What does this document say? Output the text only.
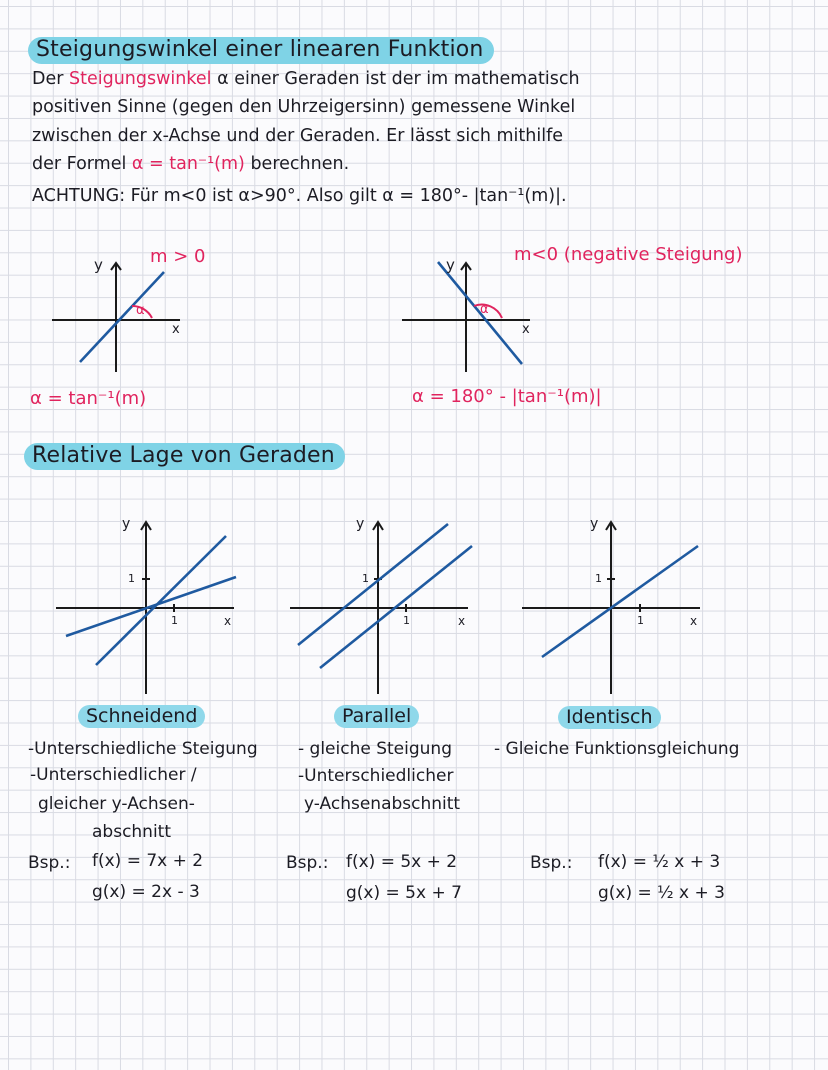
Steigungswinkel einer linearen Funktion
Der Steigungswinkel α einer Geraden ist der im mathematisch
positiven Sinne (gegen den Uhrzeigersinn) gemessene Winkel
zwischen der x-Achse und der Geraden. Er lässt sich mithilfe
der Formel α = tan⁻¹(m) berechnen.
ACHTUNG: Für m<0 ist α>90°. Also gilt α = 180°- |tan⁻¹(m)|.
y
x
α
m > 0
α = tan⁻¹(m)
y
x
α
m<0 (negative Steigung)
α = 180° - |tan⁻¹(m)|
Relative Lage von Geraden
y
x
1
1
y
x
1
1
y
x
1
1
Schneidend	Parallel	Identisch
-Unterschiedliche Steigung
-Unterschiedlicher /
gleicher y-Achsen-
abschnitt
- gleiche Steigung
-Unterschiedlicher
y-Achsenabschnitt
- Gleiche Funktionsgleichung
Bsp.: f(x) = 7x + 2
g(x) = 2x - 3
Bsp.: f(x) = 5x + 2
g(x) = 5x + 7
Bsp.: f(x) = ½ x + 3
g(x) = ½ x + 3
